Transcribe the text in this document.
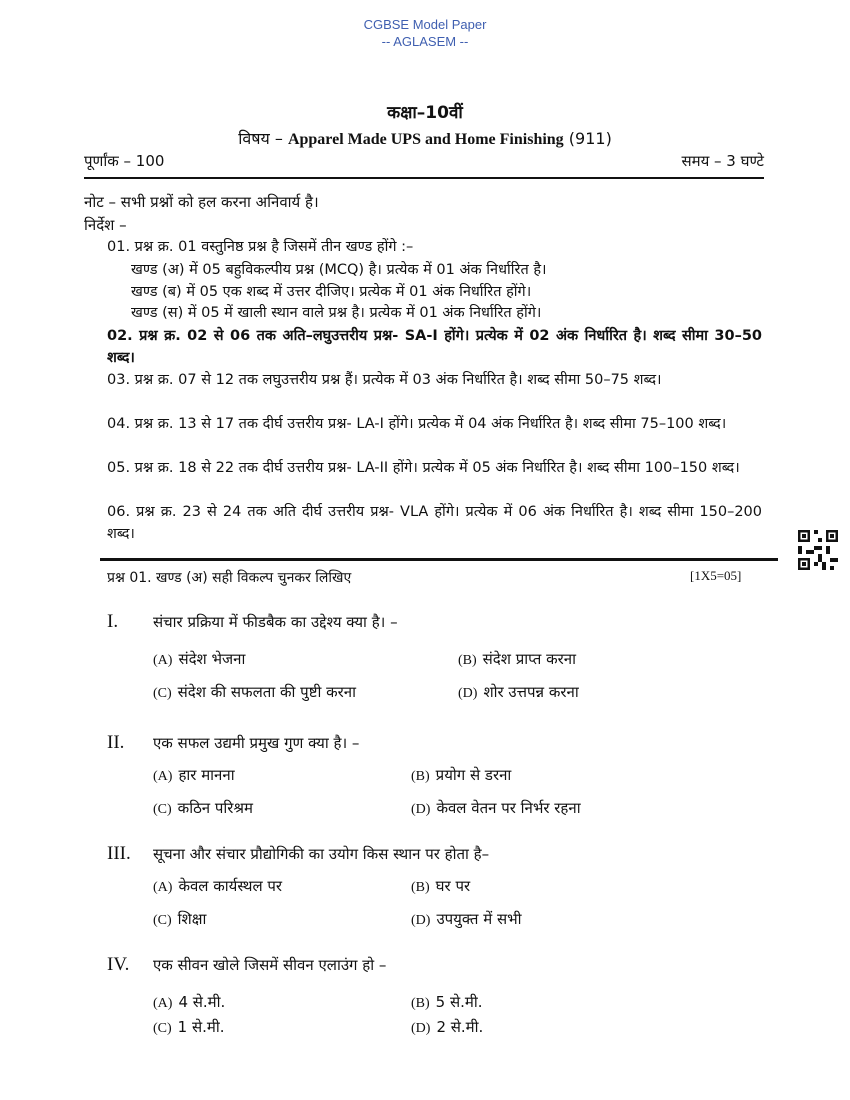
CGBSE Model Paper
-- AGLASEM --
कक्षा–10वीं
विषय – Apparel Made UPS and Home Finishing (911)
पूर्णांक – 100	समय – 3 घण्टे
नोट – सभी प्रश्नों को हल करना अनिवार्य है।
निर्देश –
01. प्रश्न क्र. 01 वस्तुनिष्ठ प्रश्न है जिसमें तीन खण्ड होंगे :–
खण्ड (अ) में 05 बहुविकल्पीय प्रश्न (MCQ) है। प्रत्येक में 01 अंक निर्धारित है।
खण्ड (ब) में 05 एक शब्द में उत्तर दीजिए। प्रत्येक में 01 अंक निर्धारित होंगे।
खण्ड (स) में 05 में खाली स्थान वाले प्रश्न है। प्रत्येक में 01 अंक निर्धारित होंगे।
02. प्रश्न क्र. 02 से 06 तक अति–लघुउत्तरीय प्रश्न- SA-I होंगे। प्रत्येक में 02 अंक निर्धारित है। शब्द सीमा 30–50 शब्द।
03. प्रश्न क्र. 07 से 12 तक लघुउत्तरीय प्रश्न हैं। प्रत्येक में 03 अंक निर्धारित है। शब्द सीमा 50–75 शब्द।
04. प्रश्न क्र. 13 से 17 तक दीर्घ उत्तरीय प्रश्न- LA-I होंगे। प्रत्येक में 04 अंक निर्धारित है। शब्द सीमा 75–100 शब्द।
05. प्रश्न क्र. 18 से 22 तक दीर्घ उत्तरीय प्रश्न- LA-II होंगे। प्रत्येक में 05 अंक निर्धारित है। शब्द सीमा 100–150 शब्द।
06. प्रश्न क्र. 23 से 24 तक अति दीर्घ उत्तरीय प्रश्न- VLA होंगे। प्रत्येक में 06 अंक निर्धारित है। शब्द सीमा 150–200 शब्द।
प्रश्न 01. खण्ड (अ) सही विकल्प चुनकर लिखिए	[1X5=05]
I. संचार प्रक्रिया में फीडबैक का उद्देश्य क्या है। –
(A) संदेश भेजना	(B) संदेश प्राप्त करना
(C) संदेश की सफलता की पुष्टी करना	(D) शोर उत्तपन्न करना
II. एक सफल उद्यमी प्रमुख गुण क्या है। –
(A) हार मानना	(B) प्रयोग से डरना
(C) कठिन परिश्रम	(D) केवल वेतन पर निर्भर रहना
III. सूचना और संचार प्रौद्योगिकी का उयोग किस स्थान पर होता है–
(A) केवल कार्यस्थल पर	(B) घर पर
(C) शिक्षा	(D) उपयुक्त में सभी
IV. एक सीवन खोले जिसमें सीवन एलाउंग हो –
(A) 4 से.मी.	(B) 5 से.मी.
(C) 1 से.मी.	(D) 2 से.मी.
